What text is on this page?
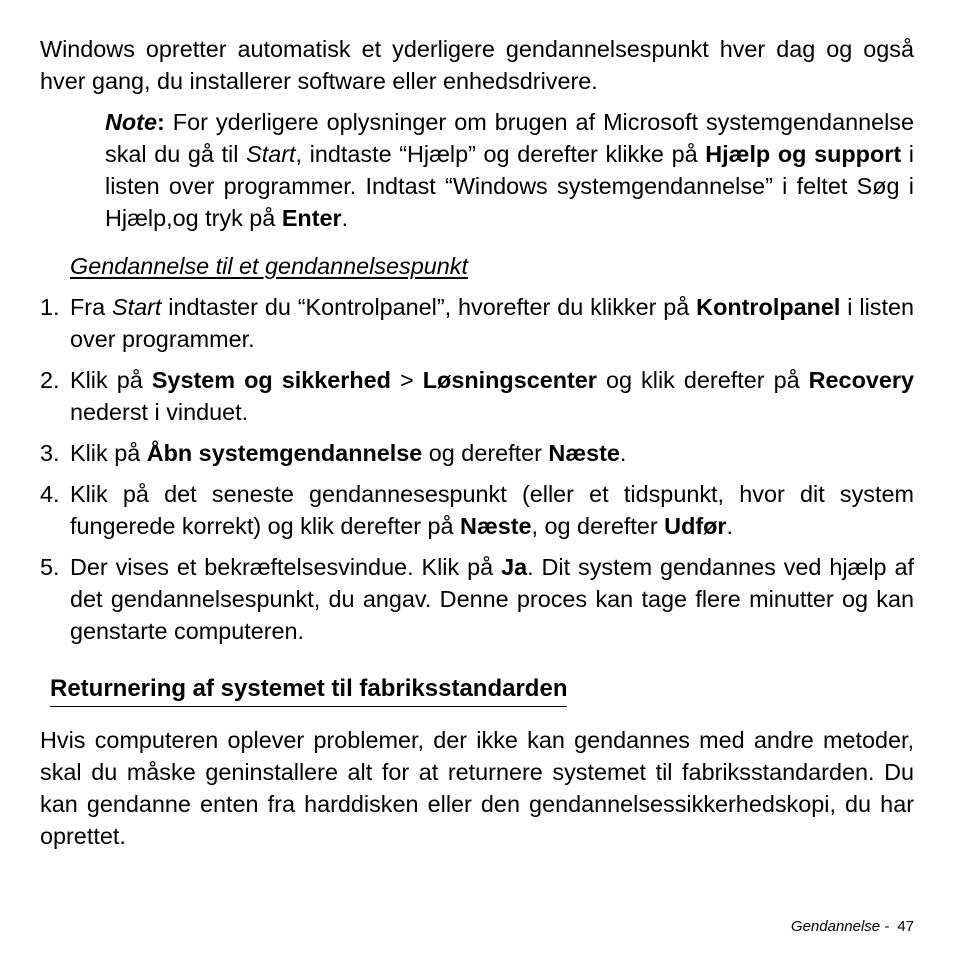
Windows opretter automatisk et yderligere gendannelsespunkt hver dag og også hver gang, du installerer software eller enhedsdrivere.

Note: For yderligere oplysninger om brugen af Microsoft systemgendannelse skal du gå til Start, indtaste “Hjælp” og derefter klikke på Hjælp og support i listen over programmer. Indtast “Windows systemgendannelse” i feltet Søg i Hjælp,og tryk på Enter.

Gendannelse til et gendannelsespunkt

1. Fra Start indtaster du “Kontrolpanel”, hvorefter du klikker på Kontrolpanel i listen over programmer.
2. Klik på System og sikkerhed > Løsningscenter og klik derefter på Recovery nederst i vinduet.
3. Klik på Åbn systemgendannelse og derefter Næste.
4. Klik på det seneste gendannesespunkt (eller et tidspunkt, hvor dit system fungerede korrekt) og klik derefter på Næste, og derefter Udfør.
5. Der vises et bekræftelsesvindue. Klik på Ja. Dit system gendannes ved hjælp af det gendannelsespunkt, du angav. Denne proces kan tage flere minutter og kan genstarte computeren.
Returnering af systemet til fabriksstandarden

Hvis computeren oplever problemer, der ikke kan gendannes med andre metoder, skal du måske geninstallere alt for at returnere systemet til fabriksstandarden. Du kan gendanne enten fra harddisken eller den gendannelsessikkerhedskopi, du har oprettet.

Gendannelse - 47
